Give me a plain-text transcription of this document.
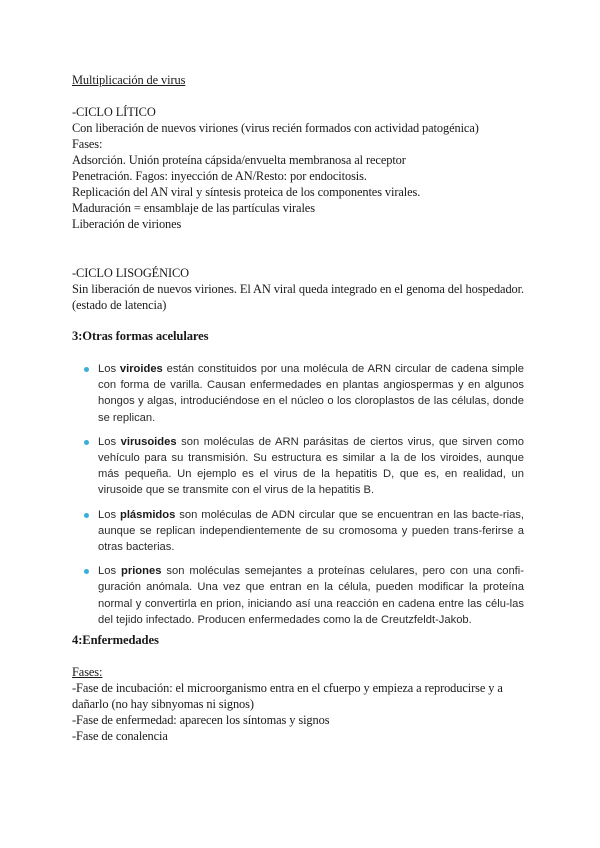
Multiplicación de virus
-CICLO LÍTICO
Con liberación de nuevos viriones (virus recién formados con actividad patogénica)
Fases:
Adsorción. Unión proteína cápsida/envuelta membranosa al receptor
Penetración. Fagos: inyección de AN/Resto: por endocitosis.
Replicación del AN viral y síntesis proteica de los componentes virales.
Maduración = ensamblaje de las partículas virales
Liberación de viriones
-CICLO LISOGÉNICO
Sin liberación de nuevos viriones. El AN viral queda integrado en el genoma del hospedador.
(estado de latencia)
3:Otras formas acelulares
Los viroides están constituidos por una molécula de ARN circular de cadena simple con forma de varilla. Causan enfermedades en plantas angiospermas y en algunos hongos y algas, introduciéndose en el núcleo o los cloroplastos de las células, donde se replican.
Los virusoides son moléculas de ARN parásitas de ciertos virus, que sirven como vehículo para su transmisión. Su estructura es similar a la de los viroides, aunque más pequeña. Un ejemplo es el virus de la hepatitis D, que es, en realidad, un virusoide que se transmite con el virus de la hepatitis B.
Los plásmidos son moléculas de ADN circular que se encuentran en las bacte-rias, aunque se replican independientemente de su cromosoma y pueden trans-ferirse a otras bacterias.
Los priones son moléculas semejantes a proteínas celulares, pero con una confi-guración anómala. Una vez que entran en la célula, pueden modificar la proteína normal y convertirla en prion, iniciando así una reacción en cadena entre las célu-las del tejido infectado. Producen enfermedades como la de Creutzfeldt-Jakob.
4:Enfermedades
Fases:
-Fase de incubación: el microorganismo entra en el cfuerpo y empieza a reproducirse y a
dañarlo (no hay sibnyomas ni signos)
-Fase de enfermedad: aparecen los síntomas y signos
-Fase de conalencia
